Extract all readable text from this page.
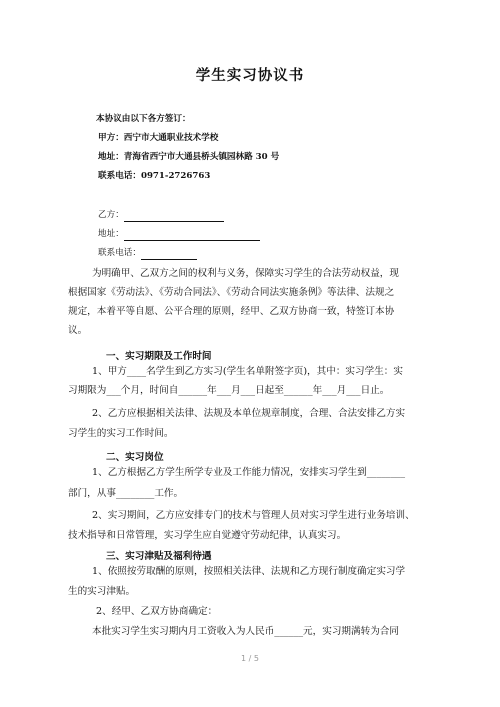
学生实习协议书
本协议由以下各方签订：
甲方：西宁市大通职业技术学校
地址：青海省西宁市大通县桥头镇园林路 30 号
联系电话：0971-2726763
乙方：
地址：
联系电话：
为明确甲、乙双方之间的权利与义务，保障实习学生的合法劳动权益，现
根据国家《劳动法》、《劳动合同法》、《劳动合同法实施条例》等法律、法规之
规定，本着平等自愿、公平合理的原则，经甲、乙双方协商一致，特签订本协
议。
一、实习期限及工作时间
1、甲方____名学生到乙方实习(学生名单附签字页)，其中：实习学生：实
习期限为___个月，时间自______年___月___日起至______年___月___日止。
2、乙方应根据相关法律、法规及本单位规章制度，合理、合法安排乙方实
习学生的实习工作时间。
二、实习岗位
1、乙方根据乙方学生所学专业及工作能力情况，安排实习学生到________
部门，从事________工作。
2、实习期间，乙方应安排专门的技术与管理人员对实习学生进行业务培训、
技术指导和日常管理，实习学生应自觉遵守劳动纪律，认真实习。
三、实习津贴及福利待遇
1、依照按劳取酬的原则，按照相关法律、法规和乙方现行制度确定实习学
生的实习津贴。
2、经甲、乙双方协商确定：
本批实习学生实习期内月工资收入为人民币______元，实习期满转为合同
1 / 5
